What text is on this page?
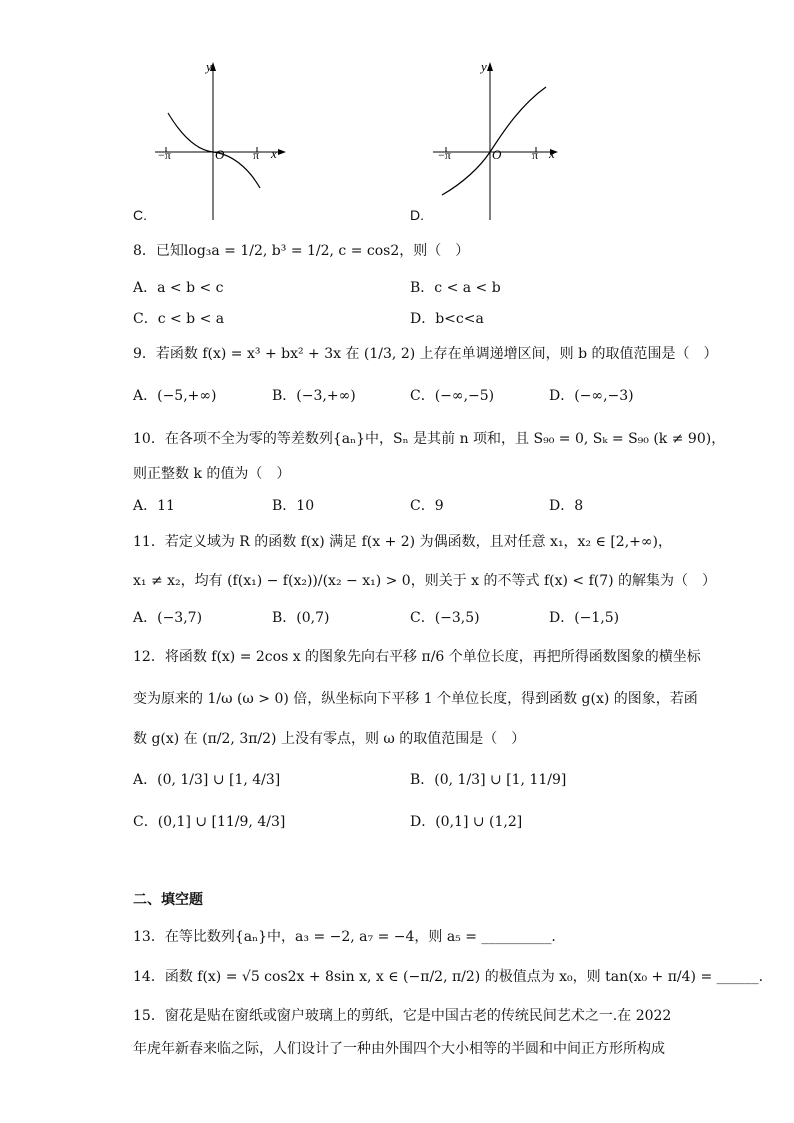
y
x
O
−π	π
C.
y
x
O
−π	π
D.
8．已知log₃a = 1/2, b³ = 1/2, c = cos2，则（　）
A．a < b < c	B．c < a < b
C．c < b < a	D．b<c<a
9．若函数 f(x) = x³ + bx² + 3x 在 (1/3, 2) 上存在单调递增区间，则 b 的取值范围是（　）
A．(−5,+∞)	B．(−3,+∞)	C．(−∞,−5)	D．(−∞,−3)
10．在各项不全为零的等差数列{aₙ}中，Sₙ 是其前 n 项和，且 S₉₀ = 0, Sₖ = S₉₀ (k ≠ 90)，
则正整数 k 的值为（　）
A．11	B．10	C．9	D．8
11．若定义域为 R 的函数 f(x) 满足 f(x + 2) 为偶函数，且对任意 x₁，x₂ ∈ [2,+∞)，
x₁ ≠ x₂，均有 (f(x₁) − f(x₂))/(x₂ − x₁) > 0，则关于 x 的不等式 f(x) < f(7) 的解集为（　）
A．(−3,7)	B．(0,7)	C．(−3,5)	D．(−1,5)
12．将函数 f(x) = 2cos x 的图象先向右平移 π/6 个单位长度，再把所得函数图象的横坐标
变为原来的 1/ω (ω > 0) 倍，纵坐标向下平移 1 个单位长度，得到函数 g(x) 的图象，若函
数 g(x) 在 (π/2, 3π/2) 上没有零点，则 ω 的取值范围是（　）
A．(0, 1/3] ∪ [1, 4/3]	B．(0, 1/3] ∪ [1, 11/9]
C．(0,1] ∪ [11/9, 4/3]	D．(0,1] ∪ (1,2]
二、填空题
13．在等比数列{aₙ}中，a₃ = −2, a₇ = −4，则 a₅ = __________.
14．函数 f(x) = √5 cos2x + 8sin x, x ∈ (−π/2, π/2) 的极值点为 x₀，则 tan(x₀ + π/4) = ______.
15．窗花是贴在窗纸或窗户玻璃上的剪纸，它是中国古老的传统民间艺术之一.在 2022
年虎年新春来临之际，人们设计了一种由外围四个大小相等的半圆和中间正方形所构成
